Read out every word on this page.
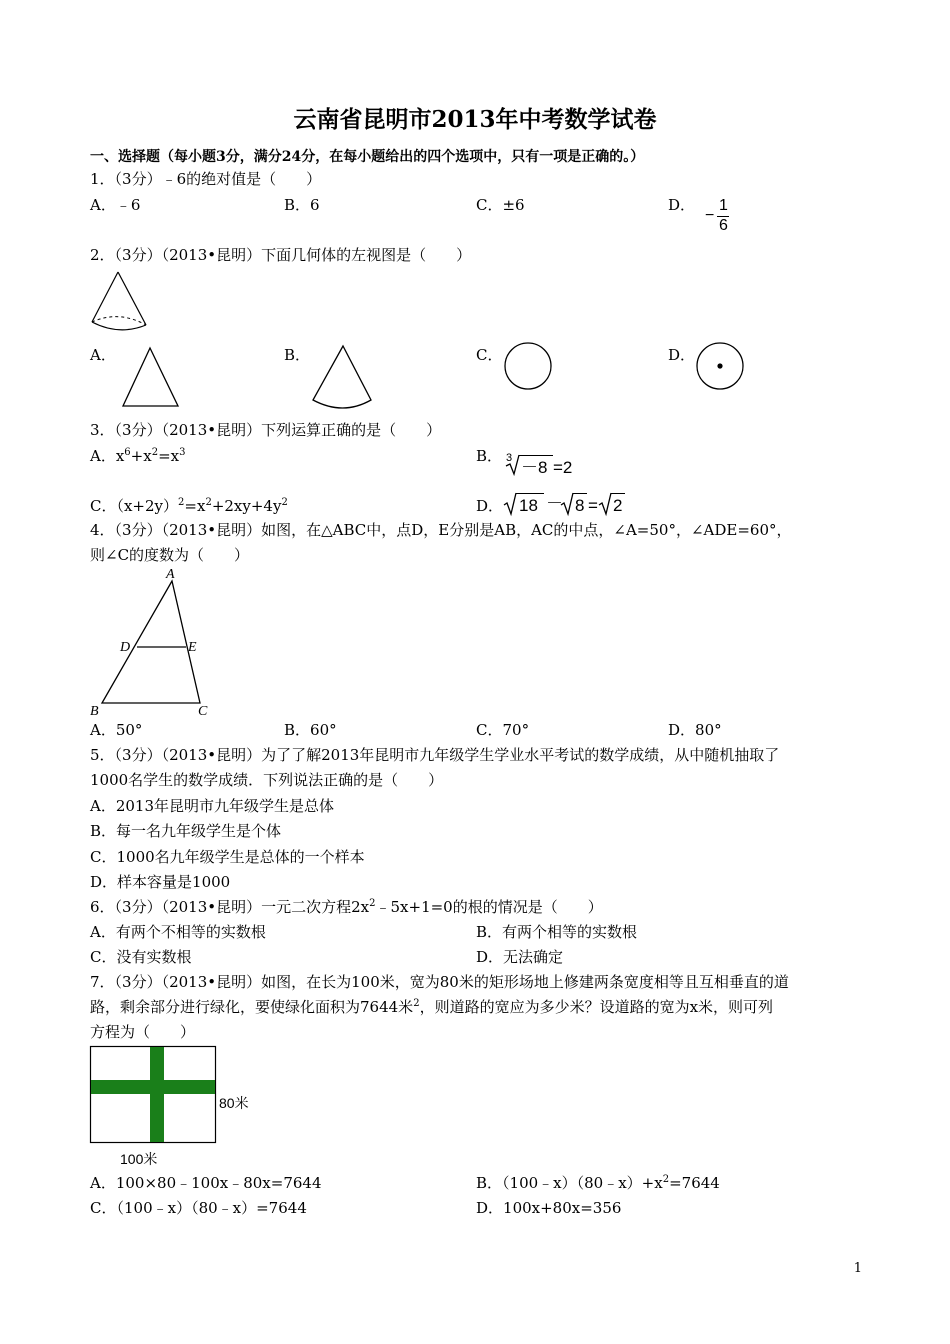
云南省昆明市2013年中考数学试卷
一、选择题（每小题3分，满分24分，在每小题给出的四个选项中，只有一项是正确的。）
1．（3分）﹣6的绝对值是（　　）
A．﹣6	B．6	C．±6	D．
−
1
6
2．（3分）（2013•昆明）下面几何体的左视图是（　　）
A．	B．	C．	D．
3．（3分）（2013•昆明）下列运算正确的是（　　）
A．$x^6+x^2=x^3$	B． 3 －8 =2
C．$(x+2y)^2=x^2+2xy+4y^2$	D． 18 － 8 = 2
4．（3分）（2013•昆明）如图，在△ABC中，点D，E分别是AB，AC的中点，∠A=50°，∠ADE=60°，
则∠C的度数为（　　）
A
B	C
D	E
A．50°	B．60°	C．70°	D．80°
5．（3分）（2013•昆明）为了了解2013年昆明市九年级学生学业水平考试的数学成绩，从中随机抽取了
1000名学生的数学成绩．下列说法正确的是（　　）
A．2013年昆明市九年级学生是总体
B．每一名九年级学生是个体
C．1000名九年级学生是总体的一个样本
D．样本容量是1000
6．（3分）（2013•昆明）一元二次方程$2x^2﹣5x+1=0$的根的情况是（　　）
A．有两个不相等的实数根	B．有两个相等的实数根
C．没有实数根	D．无法确定
7．（3分）（2013•昆明）如图，在长为100米，宽为80米的矩形场地上修建两条宽度相等且互相垂直的道
路，剩余部分进行绿化，要使绿化面积为7644米$^2$，则道路的宽应为多少米？设道路的宽为x米，则可列
方程为（　　）
80米
100米
A．100×80﹣100x﹣80x=7644	B．$(100﹣x)(80﹣x)+x^2=7644$
C．（100﹣x）（80﹣x）=7644	D．100x+80x=356
1
